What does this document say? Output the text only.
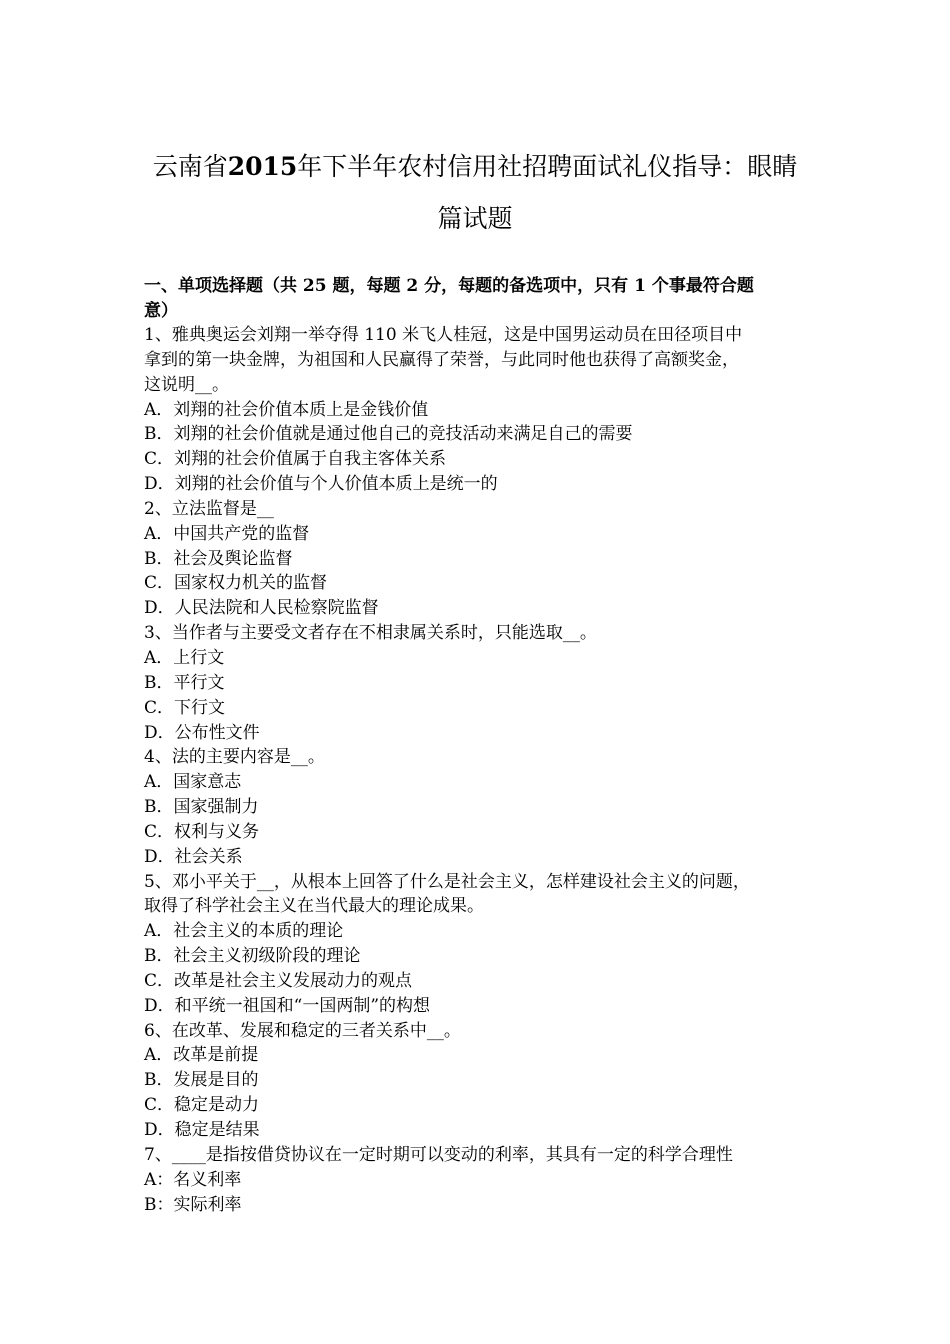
云南省2015年下半年农村信用社招聘面试礼仪指导：眼睛
篇试题
一、单项选择题（共 25 题，每题 2 分，每题的备选项中，只有 1 个事最符合题
意）
1、雅典奥运会刘翔一举夺得 110 米飞人桂冠，这是中国男运动员在田径项目中
拿到的第一块金牌，为祖国和人民赢得了荣誉，与此同时他也获得了高额奖金，
这说明__。
A．刘翔的社会价值本质上是金钱价值
B．刘翔的社会价值就是通过他自己的竞技活动来满足自己的需要
C．刘翔的社会价值属于自我主客体关系
D．刘翔的社会价值与个人价值本质上是统一的
2、立法监督是__
A．中国共产党的监督
B．社会及舆论监督
C．国家权力机关的监督
D．人民法院和人民检察院监督
3、当作者与主要受文者存在不相隶属关系时，只能选取__。
A．上行文
B．平行文
C．下行文
D．公布性文件
4、法的主要内容是__。
A．国家意志
B．国家强制力
C．权利与义务
D．社会关系
5、邓小平关于__，从根本上回答了什么是社会主义，怎样建设社会主义的问题，
取得了科学社会主义在当代最大的理论成果。
A．社会主义的本质的理论
B．社会主义初级阶段的理论
C．改革是社会主义发展动力的观点
D．和平统一祖国和“一国两制”的构想
6、在改革、发展和稳定的三者关系中__。
A．改革是前提
B．发展是目的
C．稳定是动力
D．稳定是结果
7、____是指按借贷协议在一定时期可以变动的利率，其具有一定的科学合理性
A：名义利率
B：实际利率
